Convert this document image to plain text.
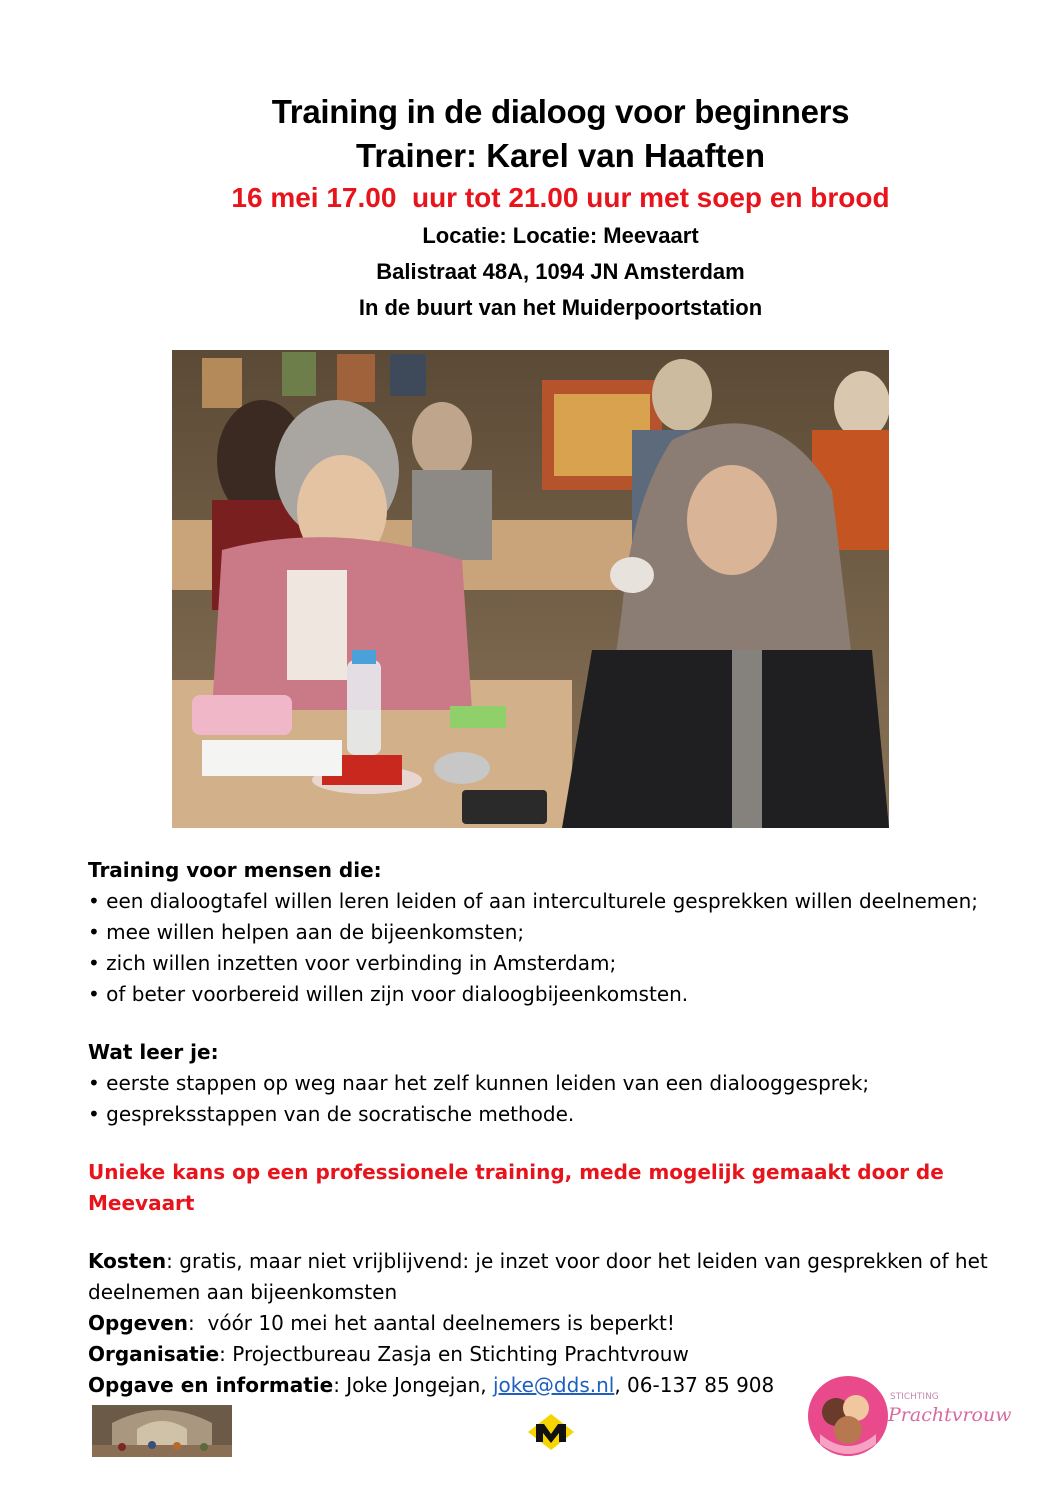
Training in de dialoog voor beginners

Trainer: Karel van Haaften

16 mei 17.00  uur tot 21.00 uur met soep en brood

Locatie: Locatie: Meevaart

Balistraat 48A, 1094 JN Amsterdam

In de buurt van het Muiderpoortstation

Training voor mensen die:

• een dialoogtafel willen leren leiden of aan interculturele gesprekken willen deelnemen;

• mee willen helpen aan de bijeenkomsten;

• zich willen inzetten voor verbinding in Amsterdam;

• of beter voorbereid willen zijn voor dialoogbijeenkomsten.

Wat leer je:

• eerste stappen op weg naar het zelf kunnen leiden van een dialooggesprek;

• gespreksstappen van de socratische methode.

Unieke kans op een professionele training, mede mogelijk gemaakt door de Meevaart

Kosten: gratis, maar niet vrijblijvend: je inzet voor door het leiden van gesprekken of het deelnemen aan bijeenkomsten

Opgeven:  vóór 10 mei het aantal deelnemers is beperkt!

Organisatie: Projectbureau Zasja en Stichting Prachtvrouw

Opgave en informatie: Joke Jongejan, joke@dds.nl, 06-137 85 908	STICHTING
Prachtvrouw
